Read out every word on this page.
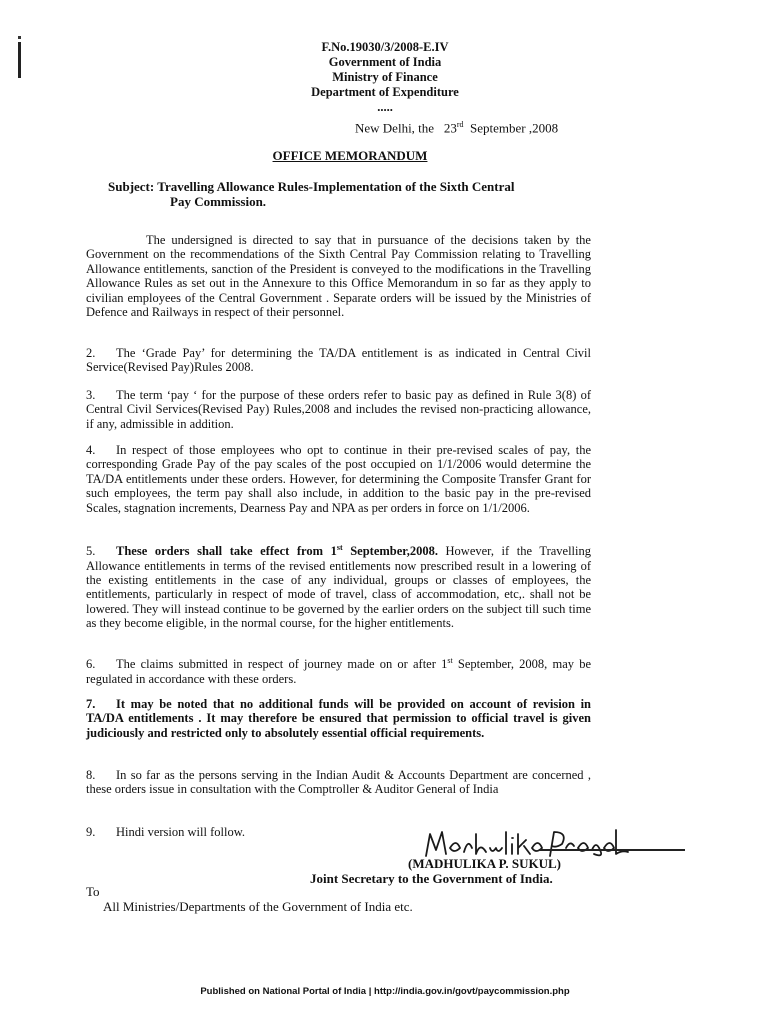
F.No.19030/3/2008-E.IV
Government of India
Ministry of Finance
Department of Expenditure
.....
New Delhi, the 23rd September ,2008
OFFICE MEMORANDUM
Subject: Travelling Allowance Rules-Implementation of the Sixth Central
Pay Commission.
The undersigned is directed to say that in pursuance of the decisions taken by the Government on the recommendations of the Sixth Central Pay Commission relating to Travelling Allowance entitlements, sanction of the President is conveyed to the modifications in the Travelling Allowance Rules as set out in the Annexure to this Office Memorandum in so far as they apply to civilian employees of the Central Government . Separate orders will be issued by the Ministries of Defence and Railways in respect of their personnel.
2. The ‘Grade Pay’ for determining the TA/DA entitlement is as indicated in Central Civil Service(Revised Pay)Rules 2008.
3. The term ‘pay ‘ for the purpose of these orders refer to basic pay as defined in Rule 3(8) of Central Civil Services(Revised Pay) Rules,2008 and includes the revised non-practicing allowance, if any, admissible in addition.
4. In respect of those employees who opt to continue in their pre-revised scales of pay, the corresponding Grade Pay of the pay scales of the post occupied on 1/1/2006 would determine the TA/DA entitlements under these orders. However, for determining the Composite Transfer Grant for such employees, the term pay shall also include, in addition to the basic pay in the pre-revised Scales, stagnation increments, Dearness Pay and NPA as per orders in force on 1/1/2006.
5. These orders shall take effect from 1st September,2008. However, if the Travelling Allowance entitlements in terms of the revised entitlements now prescribed result in a lowering of the existing entitlements in the case of any individual, groups or classes of employees, the entitlements, particularly in respect of mode of travel, class of accommodation, etc,. shall not be lowered. They will instead continue to be governed by the earlier orders on the subject till such time as they become eligible, in the normal course, for the higher entitlements.
6. The claims submitted in respect of journey made on or after 1st September, 2008, may be regulated in accordance with these orders.
7. It may be noted that no additional funds will be provided on account of revision in TA/DA entitlements . It may therefore be ensured that permission to official travel is given judiciously and restricted only to absolutely essential official requirements.
8. In so far as the persons serving in the Indian Audit & Accounts Department are concerned , these orders issue in consultation with the Comptroller & Auditor General of India
9. Hindi version will follow.
(MADHULIKA P. SUKUL)
Joint Secretary to the Government of India.
To
All Ministries/Departments of the Government of India etc.
Published on National Portal of India | http://india.gov.in/govt/paycommission.php
